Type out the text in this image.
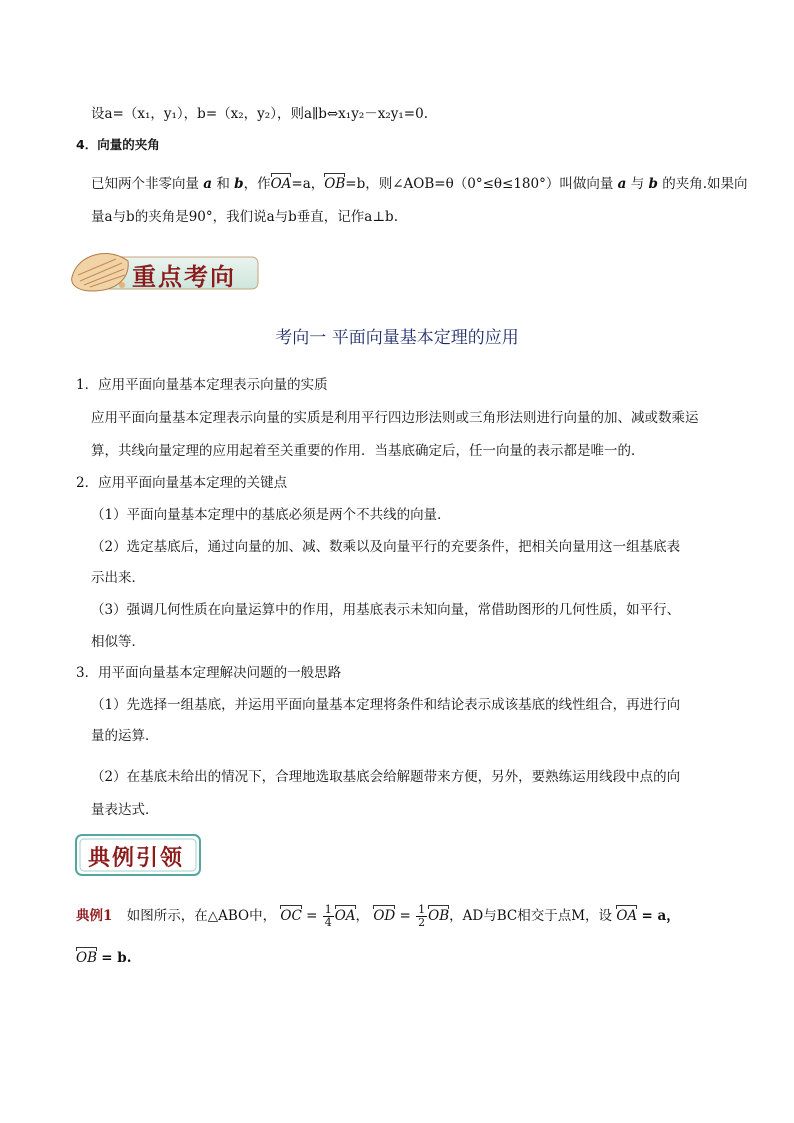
设a=（x₁，y₁），b=（x₂，y₂），则a∥b⇔x₁y₂－x₂y₁=0.
4．向量的夹角
已知两个非零向量 a 和 b，作OA=a，OB=b，则∠AOB=θ（0°≤θ≤180°）叫做向量 a 与 b 的夹角.如果向
量a与b的夹角是90°，我们说a与b垂直，记作a⊥b.
重点考向
考向一 平面向量基本定理的应用
1．应用平面向量基本定理表示向量的实质
应用平面向量基本定理表示向量的实质是利用平行四边形法则或三角形法则进行向量的加、减或数乘运
算，共线向量定理的应用起着至关重要的作用．当基底确定后，任一向量的表示都是唯一的．
2．应用平面向量基本定理的关键点
（1）平面向量基本定理中的基底必须是两个不共线的向量．
（2）选定基底后，通过向量的加、减、数乘以及向量平行的充要条件，把相关向量用这一组基底表
示出来．
（3）强调几何性质在向量运算中的作用，用基底表示未知向量，常借助图形的几何性质，如平行、
相似等．
3．用平面向量基本定理解决问题的一般思路
（1）先选择一组基底，并运用平面向量基本定理将条件和结论表示成该基底的线性组合，再进行向
量的运算．
（2）在基底未给出的情况下，合理地选取基底会给解题带来方便，另外，要熟练运用线段中点的向
量表达式．
典例引领
典例1 如图所示，在△ABO中， OC = $\frac{1}{4}$ OA， OD = $\frac{1}{2}$ OB，AD与BC相交于点M，设 OA = a，
OB = b.
